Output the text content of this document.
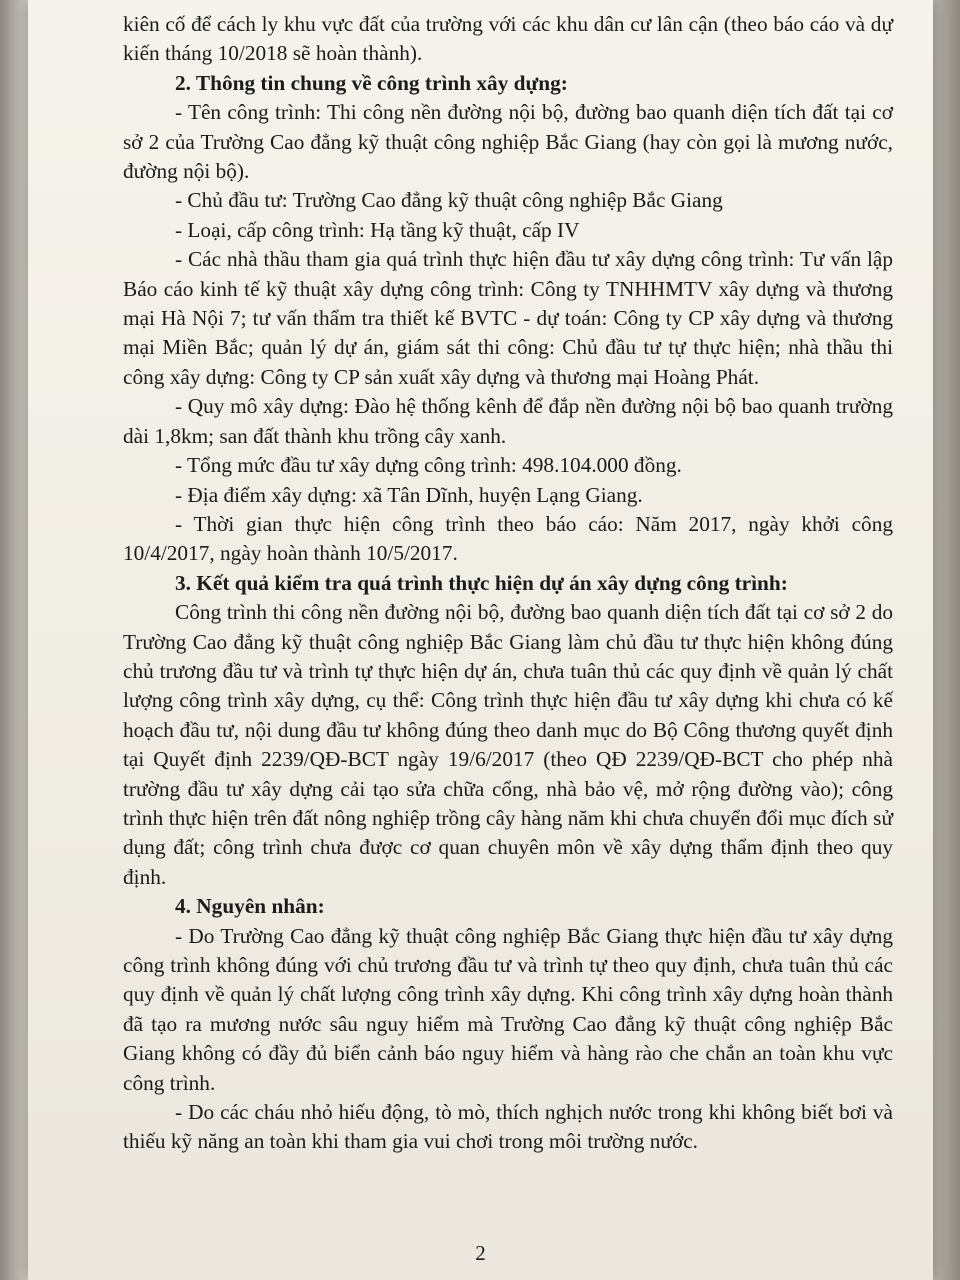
kiên cố để cách ly khu vực đất của trường với các khu dân cư lân cận (theo báo cáo và dự kiến tháng 10/2018 sẽ hoàn thành).

2. Thông tin chung về công trình xây dựng:

- Tên công trình: Thi công nền đường nội bộ, đường bao quanh diện tích đất tại cơ sở 2 của Trường Cao đẳng kỹ thuật công nghiệp Bắc Giang (hay còn gọi là mương nước, đường nội bộ).

- Chủ đầu tư: Trường Cao đẳng kỹ thuật công nghiệp Bắc Giang

- Loại, cấp công trình: Hạ tầng kỹ thuật, cấp IV

- Các nhà thầu tham gia quá trình thực hiện đầu tư xây dựng công trình: Tư vấn lập Báo cáo kinh tế kỹ thuật xây dựng công trình: Công ty TNHHMTV xây dựng và thương mại Hà Nội 7; tư vấn thẩm tra thiết kế BVTC - dự toán: Công ty CP xây dựng và thương mại Miền Bắc; quản lý dự án, giám sát thi công: Chủ đầu tư tự thực hiện; nhà thầu thi công xây dựng: Công ty CP sản xuất xây dựng và thương mại Hoàng Phát.

- Quy mô xây dựng: Đào hệ thống kênh để đắp nền đường nội bộ bao quanh trường dài 1,8km; san đất thành khu trồng cây xanh.

- Tổng mức đầu tư xây dựng công trình: 498.104.000 đồng.

- Địa điểm xây dựng: xã Tân Dĩnh, huyện Lạng Giang.

- Thời gian thực hiện công trình theo báo cáo: Năm 2017, ngày khởi công 10/4/2017, ngày hoàn thành 10/5/2017.

3. Kết quả kiểm tra quá trình thực hiện dự án xây dựng công trình:

Công trình thi công nền đường nội bộ, đường bao quanh diện tích đất tại cơ sở 2 do Trường Cao đẳng kỹ thuật công nghiệp Bắc Giang làm chủ đầu tư thực hiện không đúng chủ trương đầu tư và trình tự thực hiện dự án, chưa tuân thủ các quy định về quản lý chất lượng công trình xây dựng, cụ thể: Công trình thực hiện đầu tư xây dựng khi chưa có kế hoạch đầu tư, nội dung đầu tư không đúng theo danh mục do Bộ Công thương quyết định tại Quyết định 2239/QĐ-BCT ngày 19/6/2017 (theo QĐ 2239/QĐ-BCT cho phép nhà trường đầu tư xây dựng cải tạo sửa chữa cổng, nhà bảo vệ, mở rộng đường vào); công trình thực hiện trên đất nông nghiệp trồng cây hàng năm khi chưa chuyển đổi mục đích sử dụng đất; công trình chưa được cơ quan chuyên môn về xây dựng thẩm định theo quy định.

4. Nguyên nhân:

- Do Trường Cao đẳng kỹ thuật công nghiệp Bắc Giang thực hiện đầu tư xây dựng công trình không đúng với chủ trương đầu tư và trình tự theo quy định, chưa tuân thủ các quy định về quản lý chất lượng công trình xây dựng. Khi công trình xây dựng hoàn thành đã tạo ra mương nước sâu nguy hiểm mà Trường Cao đẳng kỹ thuật công nghiệp Bắc Giang không có đầy đủ biển cảnh báo nguy hiểm và hàng rào che chắn an toàn khu vực công trình.

- Do các cháu nhỏ hiếu động, tò mò, thích nghịch nước trong khi không biết bơi và thiếu kỹ năng an toàn khi tham gia vui chơi trong môi trường nước.

2
